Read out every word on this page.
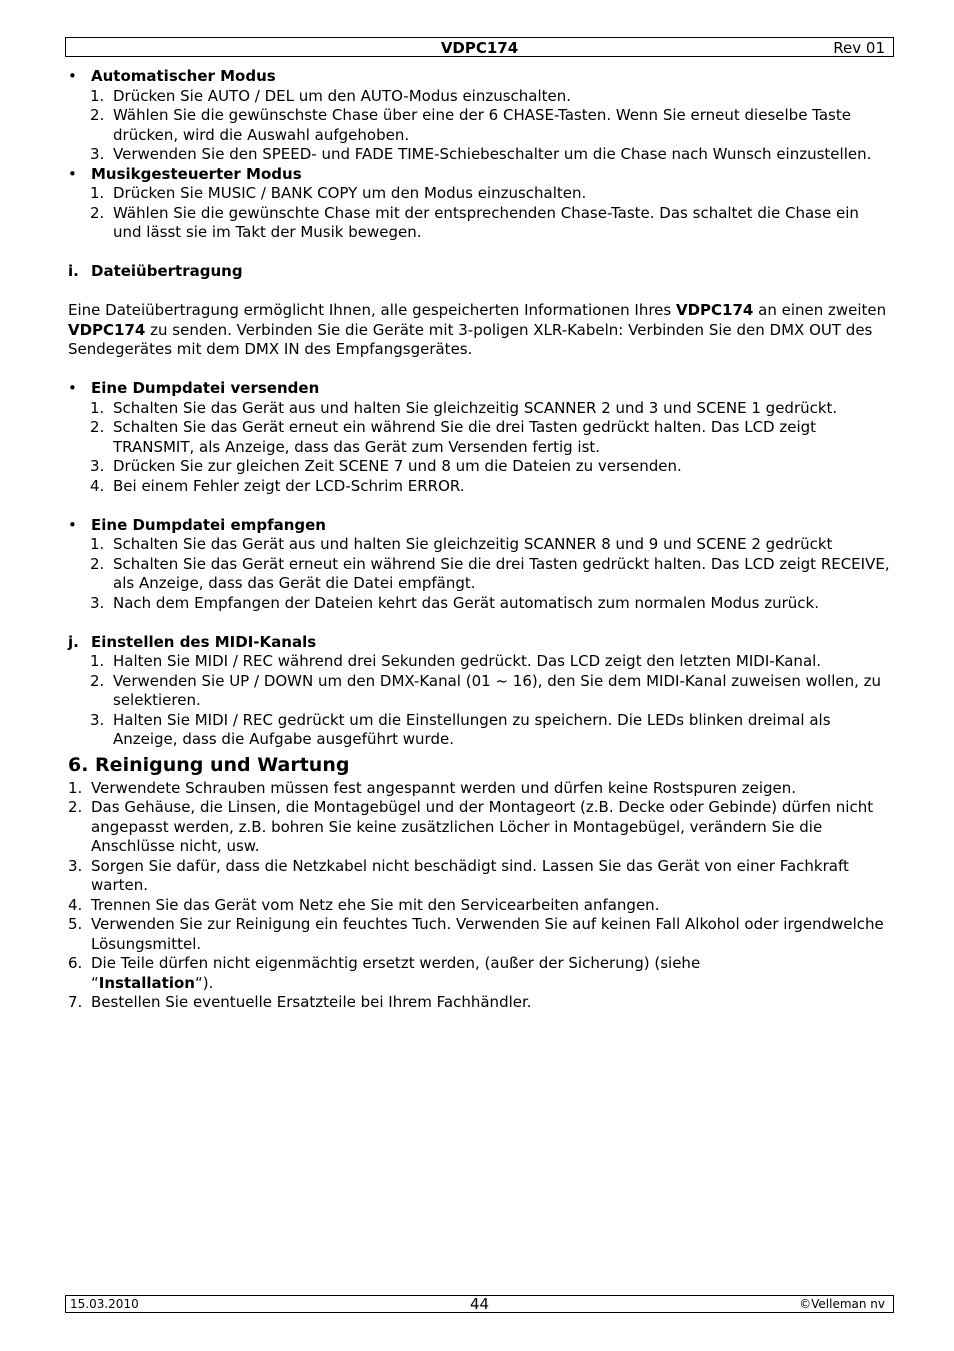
VDPC174	Rev 01
• Automatischer Modus
1. Drücken Sie AUTO / DEL um den AUTO-Modus einzuschalten.
2. Wählen Sie die gewünschste Chase über eine der 6 CHASE-Tasten. Wenn Sie erneut dieselbe Taste drücken, wird die Auswahl aufgehoben.
3. Verwenden Sie den SPEED- und FADE TIME-Schiebeschalter um die Chase nach Wunsch einzustellen.
• Musikgesteuerter Modus
1. Drücken Sie MUSIC / BANK COPY um den Modus einzuschalten.
2. Wählen Sie die gewünschte Chase mit der entsprechenden Chase-Taste. Das schaltet die Chase ein und lässt sie im Takt der Musik bewegen.
i. Dateiübertragung

Eine Dateiübertragung ermöglicht Ihnen, alle gespeicherten Informationen Ihres VDPC174 an einen zweiten VDPC174 zu senden. Verbinden Sie die Geräte mit 3-poligen XLR-Kabeln: Verbinden Sie den DMX OUT des Sendegerätes mit dem DMX IN des Empfangsgerätes.

• Eine Dumpdatei versenden
1. Schalten Sie das Gerät aus und halten Sie gleichzeitig SCANNER 2 und 3 und SCENE 1 gedrückt.
2. Schalten Sie das Gerät erneut ein während Sie die drei Tasten gedrückt halten. Das LCD zeigt TRANSMIT, als Anzeige, dass das Gerät zum Versenden fertig ist.
3. Drücken Sie zur gleichen Zeit SCENE 7 und 8 um die Dateien zu versenden.
4. Bei einem Fehler zeigt der LCD-Schrim ERROR.
• Eine Dumpdatei empfangen
1. Schalten Sie das Gerät aus und halten Sie gleichzeitig SCANNER 8 und 9 und SCENE 2 gedrückt
2. Schalten Sie das Gerät erneut ein während Sie die drei Tasten gedrückt halten. Das LCD zeigt RECEIVE, als Anzeige, dass das Gerät die Datei empfängt.
3. Nach dem Empfangen der Dateien kehrt das Gerät automatisch zum normalen Modus zurück.
j. Einstellen des MIDI-Kanals
1. Halten Sie MIDI / REC während drei Sekunden gedrückt. Das LCD zeigt den letzten MIDI-Kanal.
2. Verwenden Sie UP / DOWN um den DMX-Kanal (01 ~ 16), den Sie dem MIDI-Kanal zuweisen wollen, zu selektieren.
3. Halten Sie MIDI / REC gedrückt um die Einstellungen zu speichern. Die LEDs blinken dreimal als Anzeige, dass die Aufgabe ausgeführt wurde.
6. Reinigung und Wartung
1. Verwendete Schrauben müssen fest angespannt werden und dürfen keine Rostspuren zeigen.
2. Das Gehäuse, die Linsen, die Montagebügel und der Montageort (z.B. Decke oder Gebinde) dürfen nicht angepasst werden, z.B. bohren Sie keine zusätzlichen Löcher in Montagebügel, verändern Sie die Anschlüsse nicht, usw.
3. Sorgen Sie dafür, dass die Netzkabel nicht beschädigt sind. Lassen Sie das Gerät von einer Fachkraft warten.
4. Trennen Sie das Gerät vom Netz ehe Sie mit den Servicearbeiten anfangen.
5. Verwenden Sie zur Reinigung ein feuchtes Tuch. Verwenden Sie auf keinen Fall Alkohol oder irgendwelche Lösungsmittel.
6. Die Teile dürfen nicht eigenmächtig ersetzt werden, (außer der Sicherung) (siehe
“Installation“).
7. Bestellen Sie eventuelle Ersatzteile bei Ihrem Fachhändler.
15.03.2010	44	©Velleman nv
